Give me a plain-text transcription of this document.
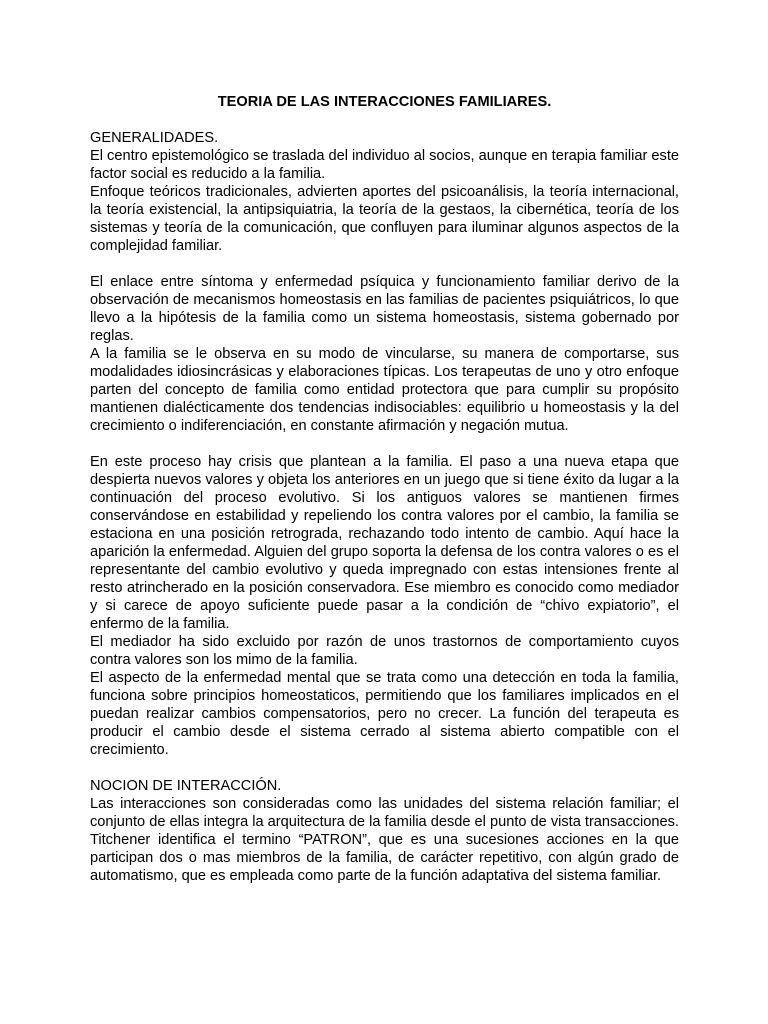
TEORIA DE LAS INTERACCIONES FAMILIARES.

GENERALIDADES.

El centro epistemológico se traslada del individuo al socios, aunque en terapia familiar este factor social es reducido a la familia.

Enfoque teóricos tradicionales, advierten aportes del psicoanálisis, la teoría internacional, la teoría existencial, la antipsiquiatria, la teoría de la gestaos, la cibernética, teoría de los sistemas y teoría de la comunicación, que confluyen para iluminar algunos aspectos de la complejidad familiar.

El enlace entre síntoma y enfermedad psíquica y funcionamiento familiar derivo de la observación de mecanismos homeostasis en las familias de pacientes psiquiátricos, lo que llevo a la hipótesis de la familia como un sistema homeostasis, sistema gobernado por reglas.

A la familia se le observa en su modo de vincularse, su manera de comportarse, sus modalidades idiosincrásicas y elaboraciones típicas. Los terapeutas de uno y otro enfoque parten del concepto de familia como entidad protectora que para cumplir su propósito mantienen dialécticamente dos tendencias indisociables: equilibrio u homeostasis y la del crecimiento o indiferenciación, en constante afirmación y negación mutua.

En este proceso hay crisis que plantean a la familia. El paso a una nueva etapa que despierta nuevos valores y objeta los anteriores en un juego que si tiene éxito da lugar a la continuación del proceso evolutivo. Si los antiguos valores se mantienen firmes conservándose en estabilidad y repeliendo los contra valores por el cambio, la familia se estaciona en una posición retrograda, rechazando todo intento de cambio. Aquí hace la aparición la enfermedad. Alguien del grupo soporta la defensa de los contra valores o es el representante del cambio evolutivo y queda impregnado con estas intensiones frente al resto atrincherado en la posición conservadora. Ese miembro es conocido como mediador y si carece de apoyo suficiente puede pasar a la condición de “chivo expiatorio”, el enfermo de la familia.

El mediador ha sido excluido por razón de unos trastornos de comportamiento cuyos contra valores son los mimo de la familia.

El aspecto de la enfermedad mental que se trata como una detección en toda la familia, funciona sobre principios homeostaticos, permitiendo que los familiares implicados en el puedan realizar cambios compensatorios, pero no crecer. La función del terapeuta es producir el cambio desde el sistema cerrado al sistema abierto compatible con el crecimiento.

NOCION DE INTERACCIÓN.

Las interacciones son consideradas como las unidades del sistema relación familiar; el conjunto de ellas integra la arquitectura de la familia desde el punto de vista transacciones. Titchener identifica el termino “PATRON”, que es una sucesiones acciones en la que participan dos o mas miembros de la familia, de carácter repetitivo, con algún grado de automatismo, que es empleada como parte de la función adaptativa del sistema familiar.
